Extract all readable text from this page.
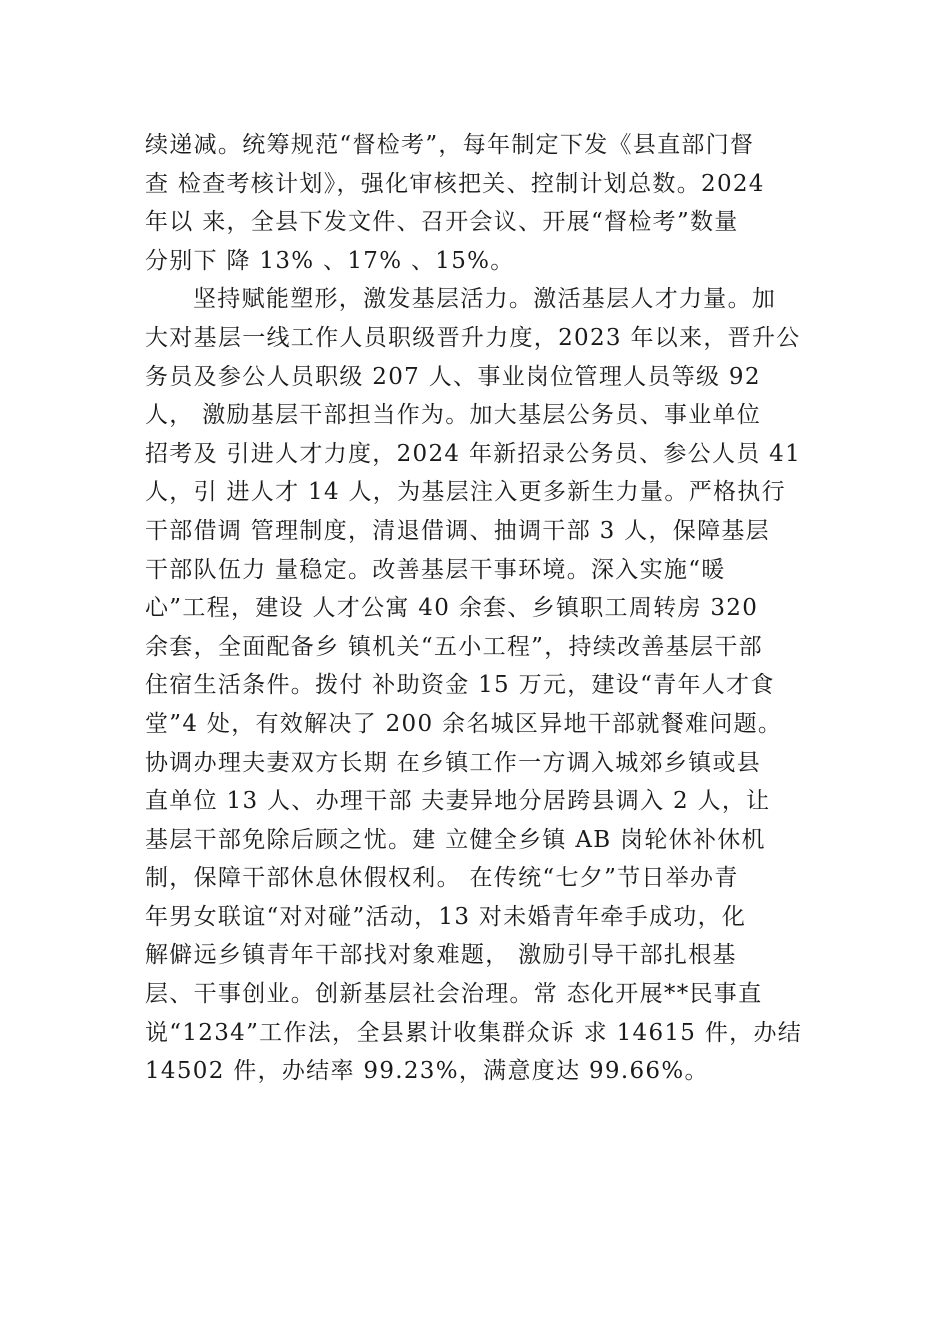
续递减。统筹规范“督检考”，每年制定下发《县直部门督
查 检查考核计划》，强化审核把关、控制计划总数。2024
年以 来，全县下发文件、召开会议、开展“督检考”数量
分别下 降 13% 、17% 、15%。
坚持赋能塑形，激发基层活力。激活基层人才力量。加
大对基层一线工作人员职级晋升力度，2023 年以来，晋升公
务员及参公人员职级 207 人、事业岗位管理人员等级 92
人， 激励基层干部担当作为。加大基层公务员、事业单位
招考及 引进人才力度，2024 年新招录公务员、参公人员 41
人，引 进人才 14 人，为基层注入更多新生力量。严格执行
干部借调 管理制度，清退借调、抽调干部 3 人，保障基层
干部队伍力 量稳定。改善基层干事环境。深入实施“暖
心”工程，建设 人才公寓 40 余套、乡镇职工周转房 320
余套，全面配备乡 镇机关“五小工程”，持续改善基层干部
住宿生活条件。拨付 补助资金 15 万元，建设“青年人才食
堂”4 处，有效解决了 200 余名城区异地干部就餐难问题。
协调办理夫妻双方长期 在乡镇工作一方调入城郊乡镇或县
直单位 13 人、办理干部 夫妻异地分居跨县调入 2 人，让
基层干部免除后顾之忧。建 立健全乡镇 AB 岗轮休补休机
制，保障干部休息休假权利。 在传统“七夕”节日举办青
年男女联谊“对对碰”活动，13 对未婚青年牵手成功，化
解僻远乡镇青年干部找对象难题， 激励引导干部扎根基
层、干事创业。创新基层社会治理。常 态化开展**民事直
说“1234”工作法，全县累计收集群众诉 求 14615 件，办结
14502 件，办结率 99.23%，满意度达 99.66%。
